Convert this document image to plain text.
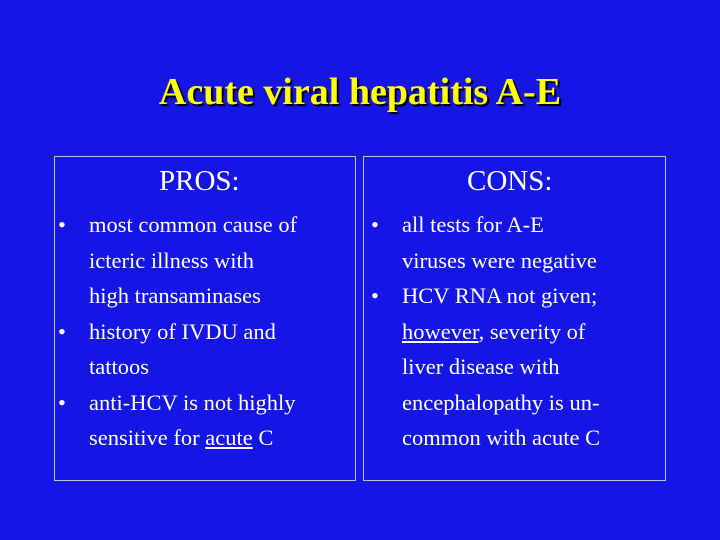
Acute viral hepatitis A-E
PROS:
• most common cause of
icteric illness with
high transaminases
• history of IVDU and
tattoos
• anti-HCV is not highly
sensitive for acute C
CONS:
• all tests for A-E
viruses were negative
• HCV RNA not given;
however, severity of
liver disease with
encephalopathy is un-
common with acute C
